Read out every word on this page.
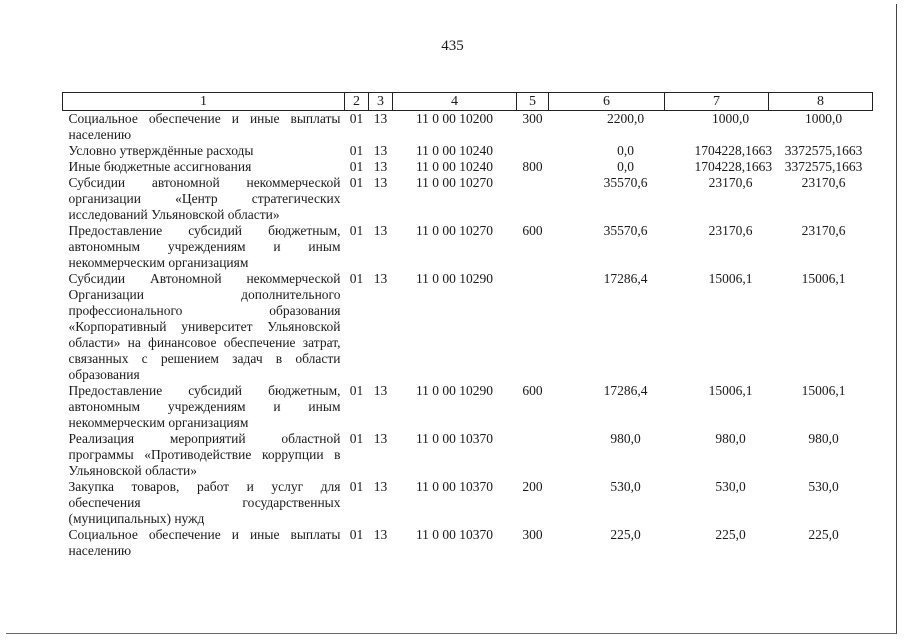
435
1	2	3	4	5	6	7	8
Социальное обеспечение и иные выплаты населению	01	13	11 0 00 10200	300	2200,0	1000,0	1000,0
Условно утверждённые расходы	01	13	11 0 00 10240		0,0	1704228,1663	3372575,1663
Иные бюджетные ассигнования	01	13	11 0 00 10240	800	0,0	1704228,1663	3372575,1663
Субсидии автономной некоммерческой организации «Центр стратегических исследований Ульяновской области»	01	13	11 0 00 10270		35570,6	23170,6	23170,6
Предоставление субсидий бюджетным, автономным учреждениям и иным некоммерческим организациям	01	13	11 0 00 10270	600	35570,6	23170,6	23170,6
Субсидии Автономной некоммерческой Организации дополнительного профессионального образования «Корпоративный университет Ульяновской области» на финансовое обеспечение затрат, связанных с решением задач в области образования	01	13	11 0 00 10290		17286,4	15006,1	15006,1
Предоставление субсидий бюджетным, автономным учреждениям и иным некоммерческим организациям	01	13	11 0 00 10290	600	17286,4	15006,1	15006,1
Реализация мероприятий областной программы «Противодействие коррупции в Ульяновской области»	01	13	11 0 00 10370		980,0	980,0	980,0
Закупка товаров, работ и услуг для обеспечения государственных (муниципальных) нужд	01	13	11 0 00 10370	200	530,0	530,0	530,0
Социальное обеспечение и иные выплаты населению	01	13	11 0 00 10370	300	225,0	225,0	225,0
